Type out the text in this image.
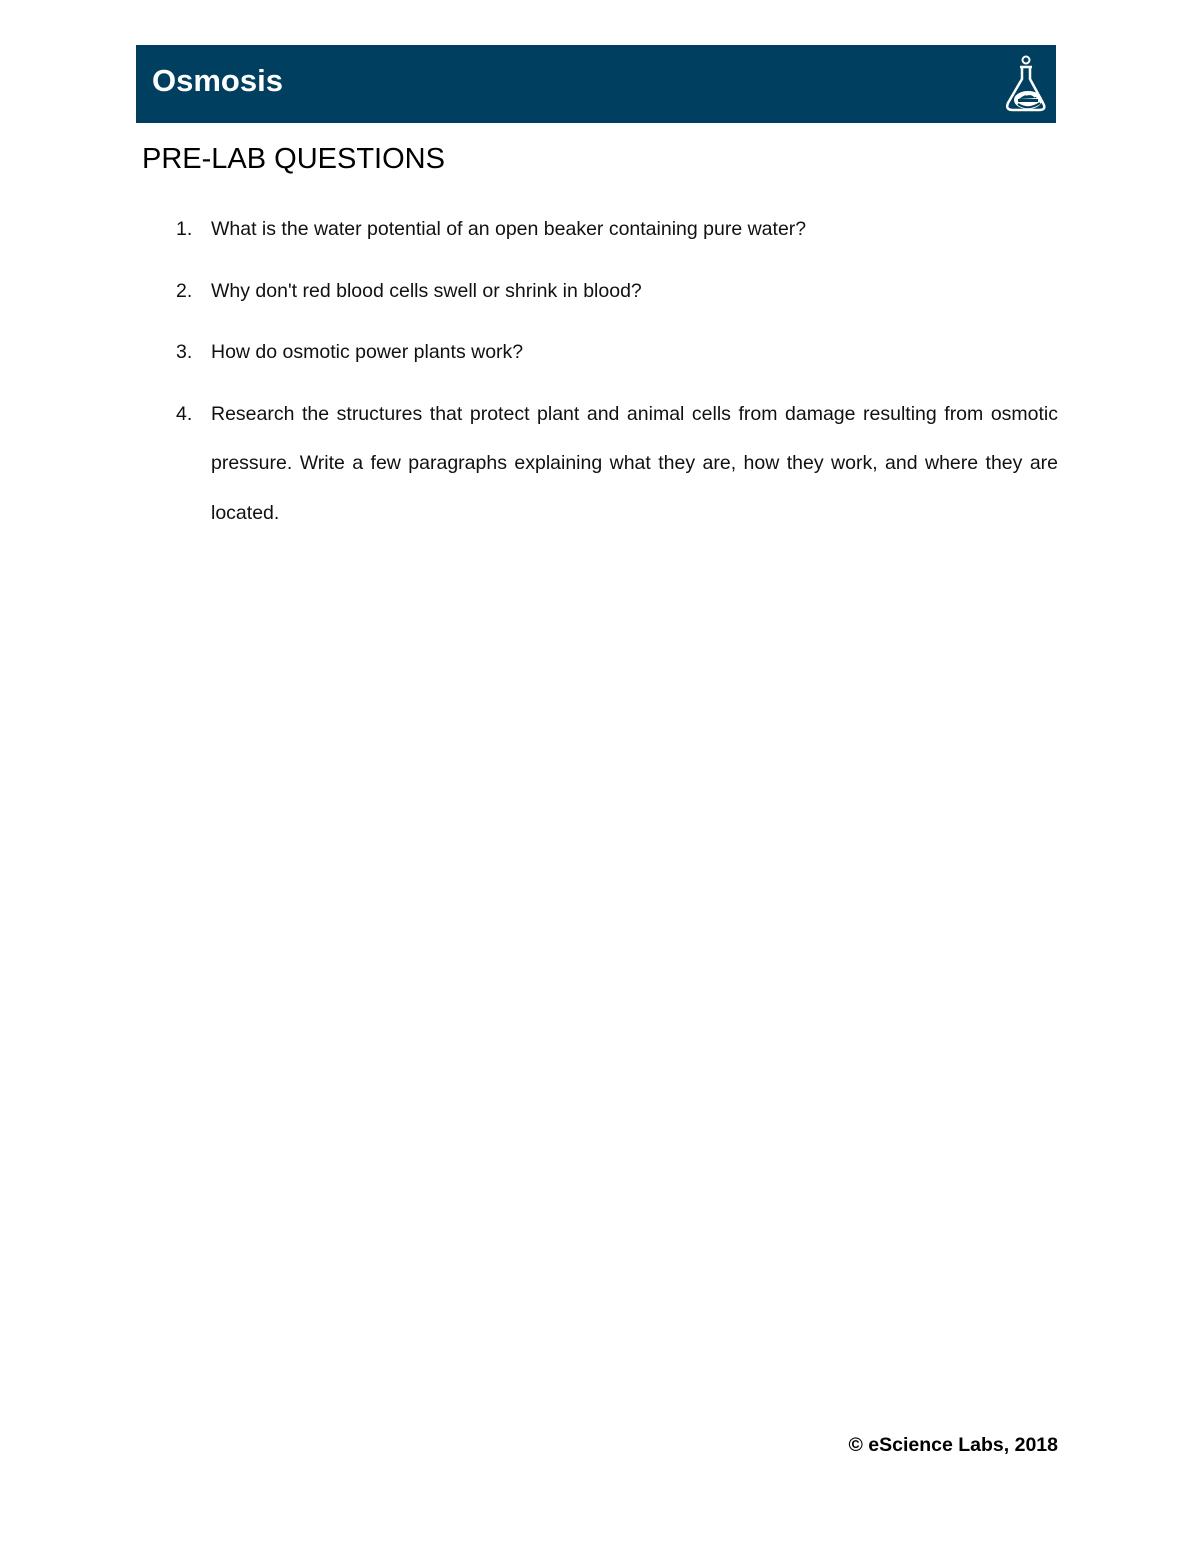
Osmosis
PRE-LAB QUESTIONS
1. What is the water potential of an open beaker containing pure water?
2. Why don't red blood cells swell or shrink in blood?
3. How do osmotic power plants work?
4. Research the structures that protect plant and animal cells from damage resulting from osmotic pressure. Write a few paragraphs explaining what they are, how they work, and where they are located.
© eScience Labs, 2018
